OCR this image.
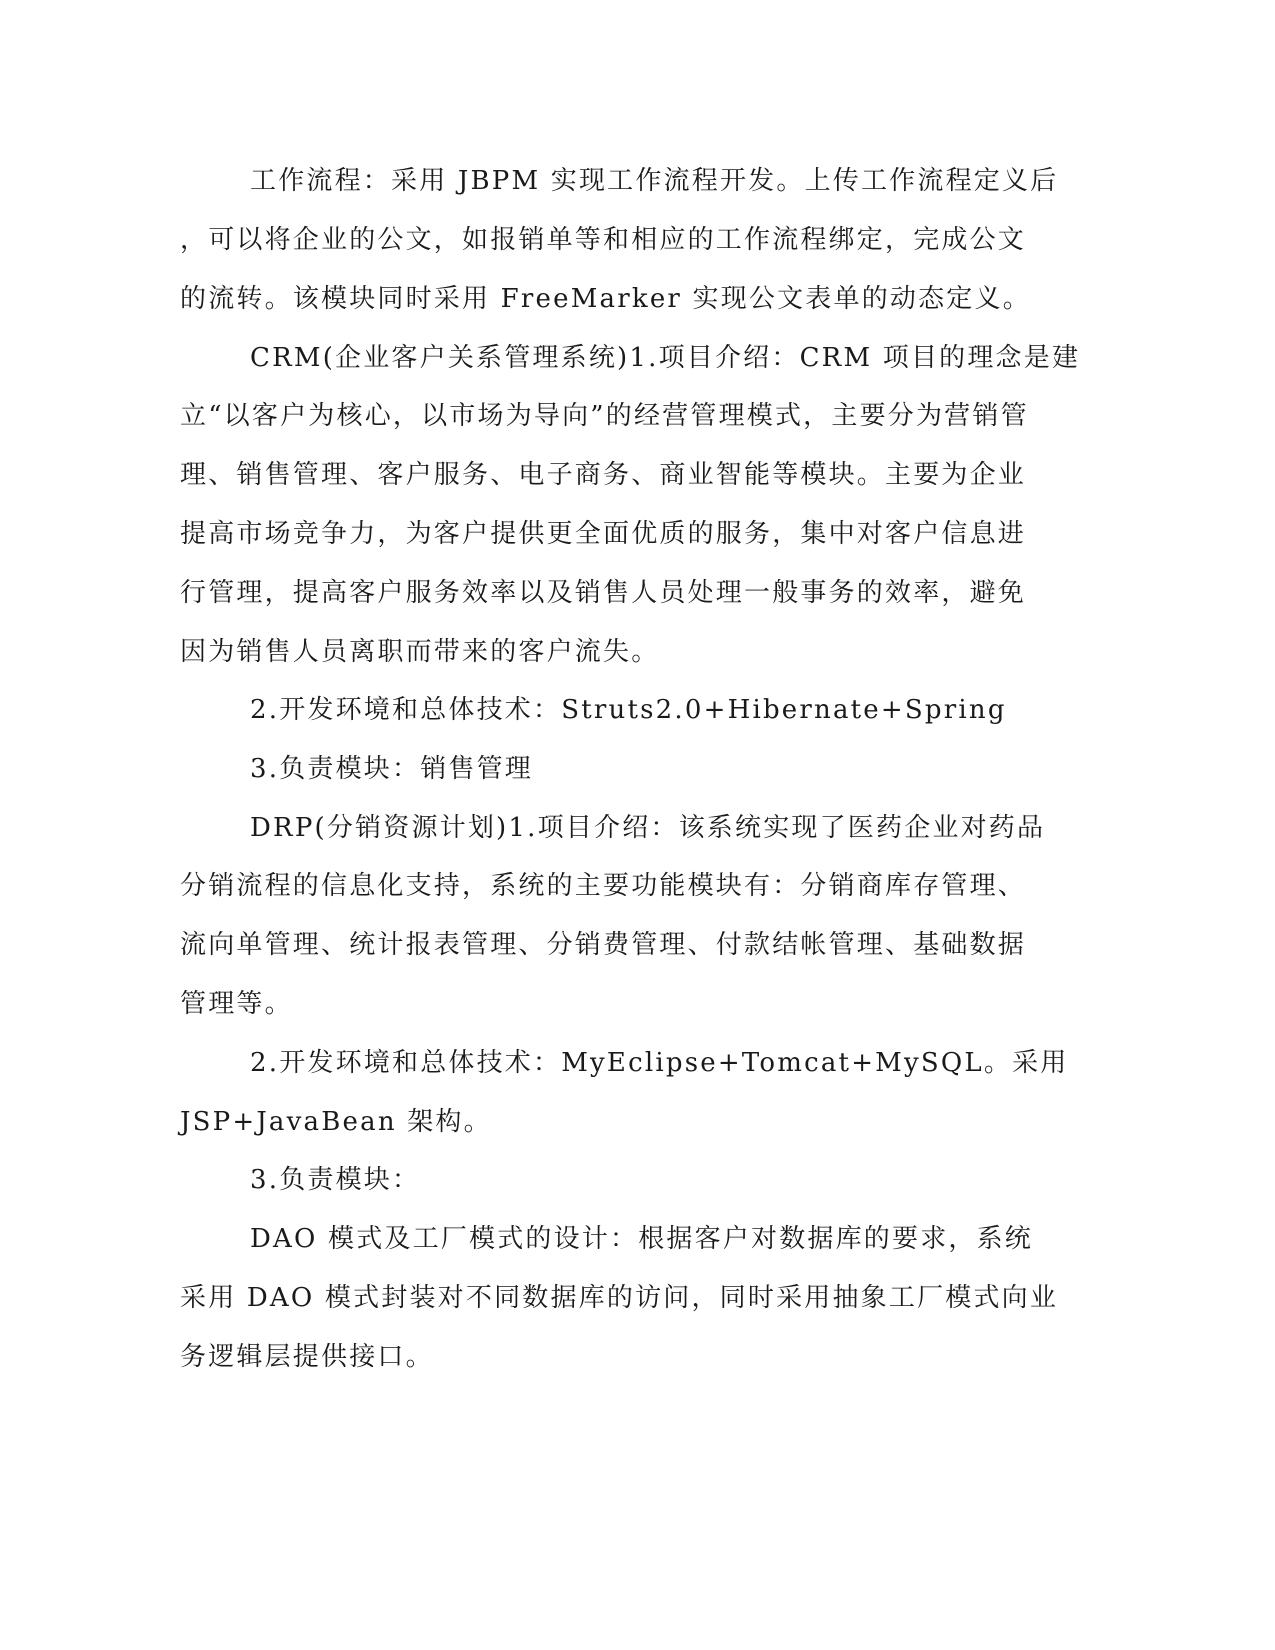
工作流程：采用 JBPM 实现工作流程开发。上传工作流程定义后
，可以将企业的公文，如报销单等和相应的工作流程绑定，完成公文
的流转。该模块同时采用 FreeMarker 实现公文表单的动态定义。
CRM(企业客户关系管理系统)1.项目介绍：CRM 项目的理念是建
立“以客户为核心，以市场为导向”的经营管理模式，主要分为营销管
理、销售管理、客户服务、电子商务、商业智能等模块。主要为企业
提高市场竞争力，为客户提供更全面优质的服务，集中对客户信息进
行管理，提高客户服务效率以及销售人员处理一般事务的效率，避免
因为销售人员离职而带来的客户流失。
2.开发环境和总体技术：Struts2.0+Hibernate+Spring
3.负责模块：销售管理
DRP(分销资源计划)1.项目介绍：该系统实现了医药企业对药品
分销流程的信息化支持，系统的主要功能模块有：分销商库存管理、
流向单管理、统计报表管理、分销费管理、付款结帐管理、基础数据
管理等。
2.开发环境和总体技术：MyEclipse+Tomcat+MySQL。采用
JSP+JavaBean 架构。
3.负责模块：
DAO 模式及工厂模式的设计：根据客户对数据库的要求，系统
采用 DAO 模式封装对不同数据库的访问，同时采用抽象工厂模式向业
务逻辑层提供接口。
